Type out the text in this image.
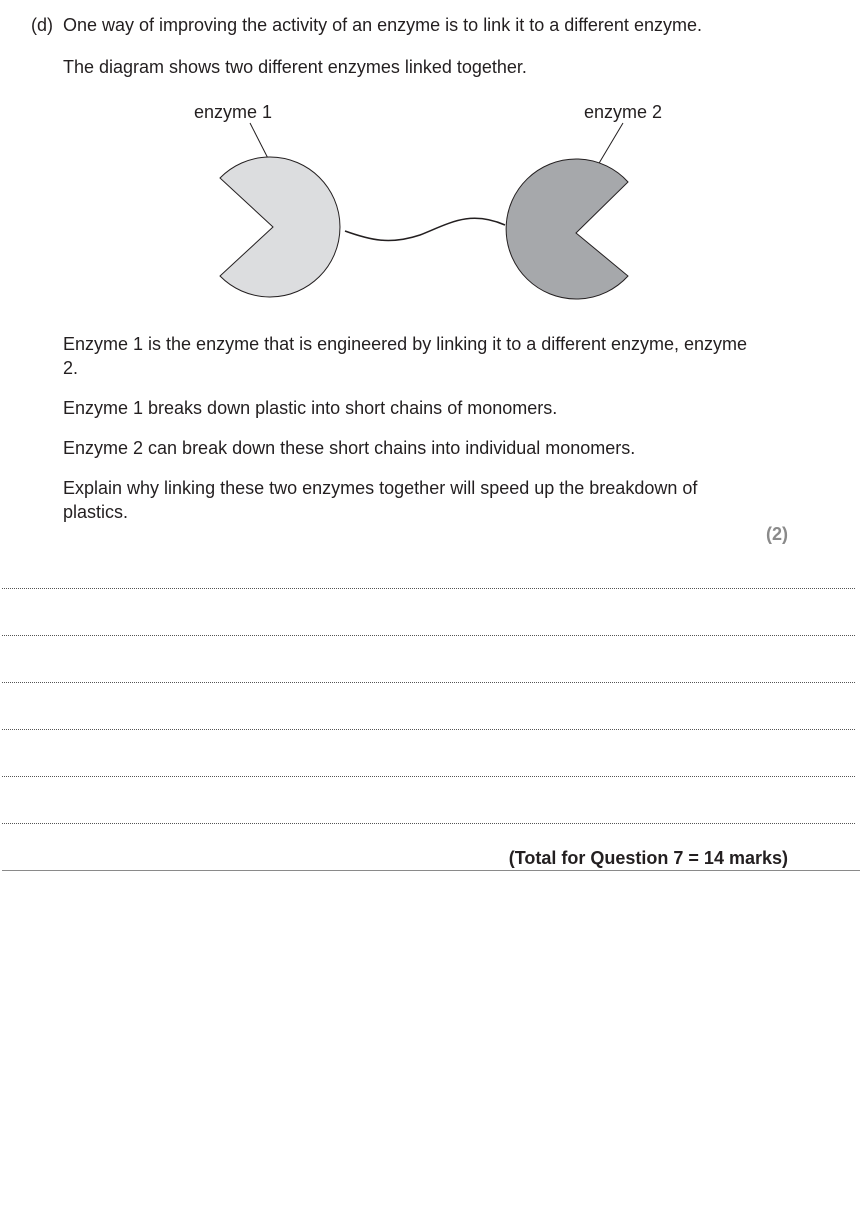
(d) One way of improving the activity of an enzyme is to link it to a different enzyme.
The diagram shows two different enzymes linked together.
enzyme 1	enzyme 2
Enzyme 1 is the enzyme that is engineered by linking it to a different enzyme, enzyme 2.
Enzyme 1 breaks down plastic into short chains of monomers.
Enzyme 2 can break down these short chains into individual monomers.
Explain why linking these two enzymes together will speed up the breakdown of plastics.
(2)
(Total for Question 7 = 14 marks)
